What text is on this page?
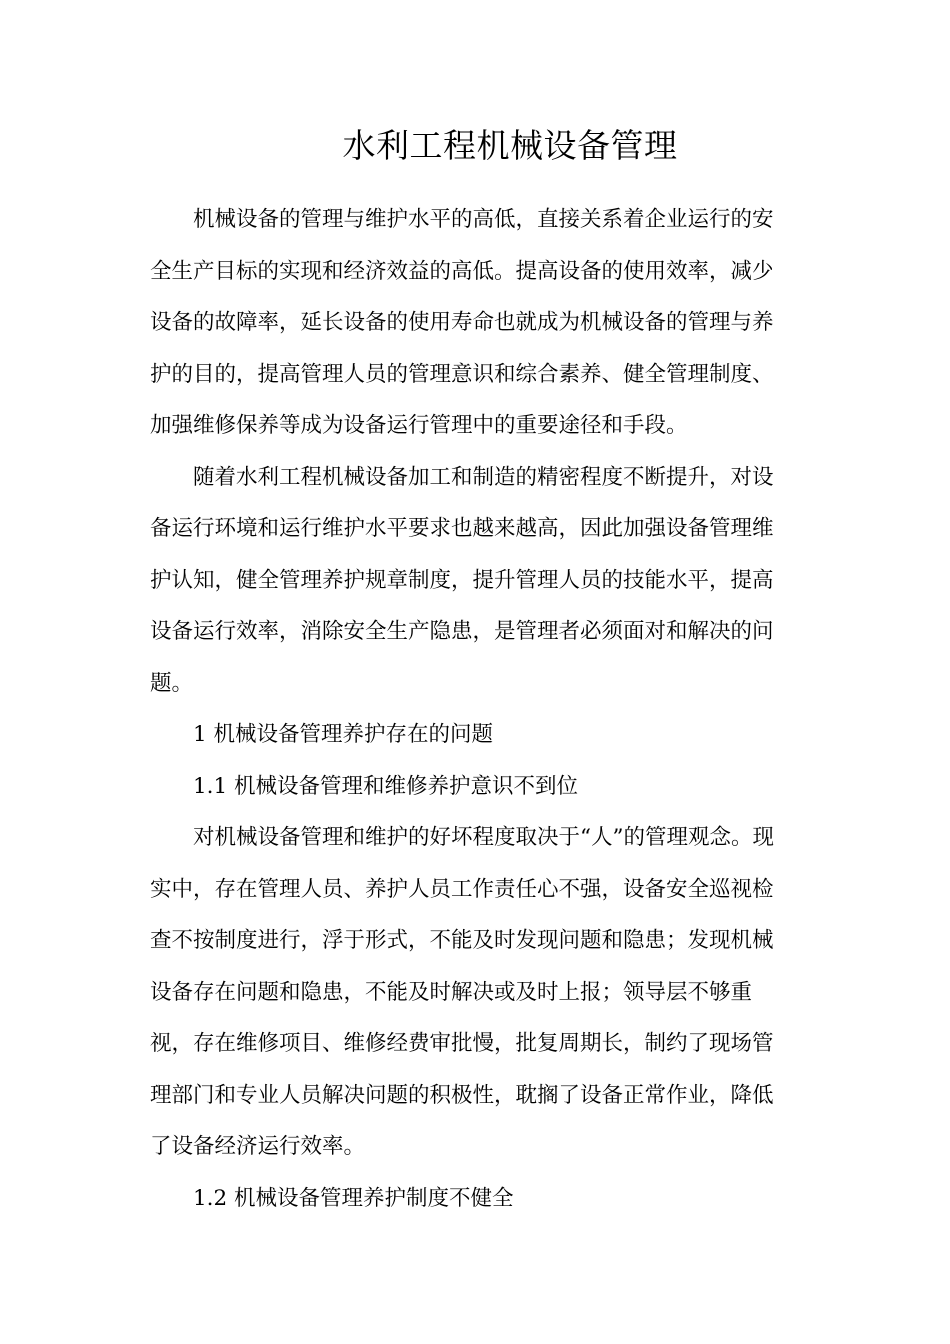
水利工程机械设备管理

机械设备的管理与维护水平的高低，直接关系着企业运行的安
全生产目标的实现和经济效益的高低。提高设备的使用效率，减少
设备的故障率，延长设备的使用寿命也就成为机械设备的管理与养
护的目的，提高管理人员的管理意识和综合素养、健全管理制度、
加强维修保养等成为设备运行管理中的重要途径和手段。

随着水利工程机械设备加工和制造的精密程度不断提升，对设
备运行环境和运行维护水平要求也越来越高，因此加强设备管理维
护认知，健全管理养护规章制度，提升管理人员的技能水平，提高
设备运行效率，消除安全生产隐患，是管理者必须面对和解决的问
题。

1 机械设备管理养护存在的问题

1.1 机械设备管理和维修养护意识不到位

对机械设备管理和维护的好坏程度取决于“人”的管理观念。现
实中，存在管理人员、养护人员工作责任心不强，设备安全巡视检
查不按制度进行，浮于形式，不能及时发现问题和隐患；发现机械
设备存在问题和隐患，不能及时解决或及时上报；领导层不够重
视，存在维修项目、维修经费审批慢，批复周期长，制约了现场管
理部门和专业人员解决问题的积极性，耽搁了设备正常作业，降低
了设备经济运行效率。

1.2 机械设备管理养护制度不健全
